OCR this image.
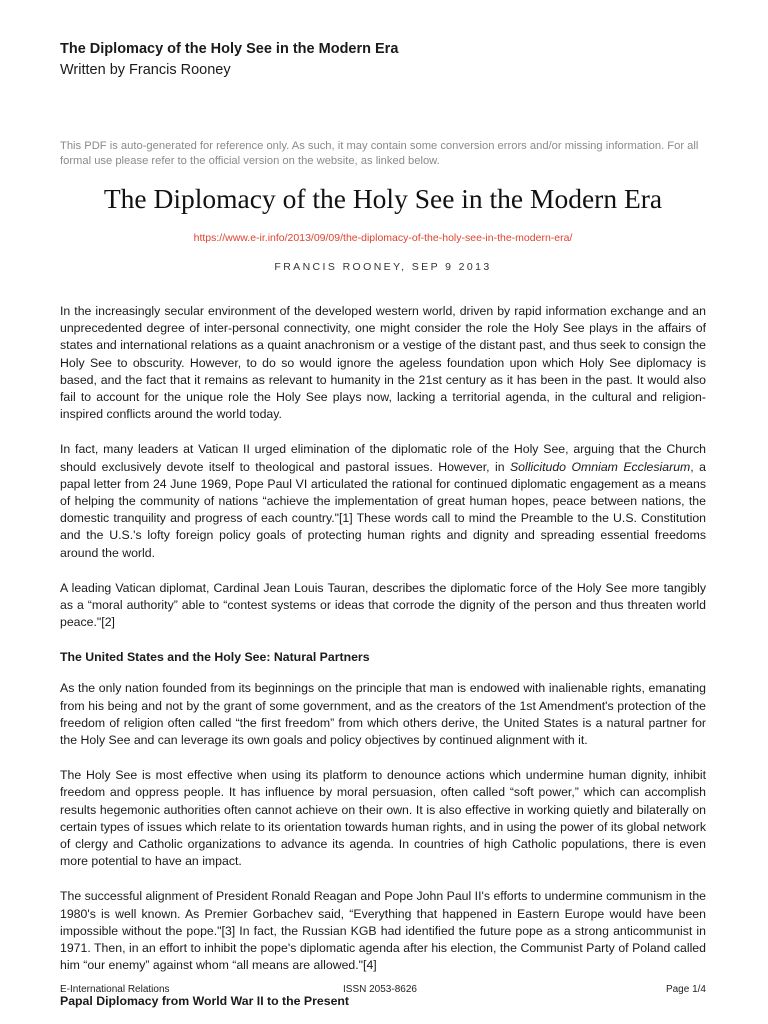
The Diplomacy of the Holy See in the Modern Era
Written by Francis Rooney
This PDF is auto-generated for reference only. As such, it may contain some conversion errors and/or missing information. For all formal use please refer to the official version on the website, as linked below.
The Diplomacy of the Holy See in the Modern Era
https://www.e-ir.info/2013/09/09/the-diplomacy-of-the-holy-see-in-the-modern-era/
FRANCIS ROONEY, SEP 9 2013

In the increasingly secular environment of the developed western world, driven by rapid information exchange and an unprecedented degree of inter-personal connectivity, one might consider the role the Holy See plays in the affairs of states and international relations as a quaint anachronism or a vestige of the distant past, and thus seek to consign the Holy See to obscurity. However, to do so would ignore the ageless foundation upon which Holy See diplomacy is based, and the fact that it remains as relevant to humanity in the 21st century as it has been in the past. It would also fail to account for the unique role the Holy See plays now, lacking a territorial agenda, in the cultural and religion-inspired conflicts around the world today.

In fact, many leaders at Vatican II urged elimination of the diplomatic role of the Holy See, arguing that the Church should exclusively devote itself to theological and pastoral issues. However, in Sollicitudo Omniam Ecclesiarum, a papal letter from 24 June 1969, Pope Paul VI articulated the rational for continued diplomatic engagement as a means of helping the community of nations “achieve the implementation of great human hopes, peace between nations, the domestic tranquility and progress of each country."[1] These words call to mind the Preamble to the U.S. Constitution and the U.S.'s lofty foreign policy goals of protecting human rights and dignity and spreading essential freedoms around the world.

A leading Vatican diplomat, Cardinal Jean Louis Tauran, describes the diplomatic force of the Holy See more tangibly as a “moral authority” able to “contest systems or ideas that corrode the dignity of the person and thus threaten world peace."[2]

The United States and the Holy See: Natural Partners

As the only nation founded from its beginnings on the principle that man is endowed with inalienable rights, emanating from his being and not by the grant of some government, and as the creators of the 1st Amendment's protection of the freedom of religion often called “the first freedom” from which others derive, the United States is a natural partner for the Holy See and can leverage its own goals and policy objectives by continued alignment with it.

The Holy See is most effective when using its platform to denounce actions which undermine human dignity, inhibit freedom and oppress people. It has influence by moral persuasion, often called “soft power,” which can accomplish results hegemonic authorities often cannot achieve on their own. It is also effective in working quietly and bilaterally on certain types of issues which relate to its orientation towards human rights, and in using the power of its global network of clergy and Catholic organizations to advance its agenda. In countries of high Catholic populations, there is even more potential to have an impact.

The successful alignment of President Ronald Reagan and Pope John Paul II's efforts to undermine communism in the 1980's is well known. As Premier Gorbachev said, “Everything that happened in Eastern Europe would have been impossible without the pope."[3] In fact, the Russian KGB had identified the future pope as a strong anticommunist in 1971. Then, in an effort to inhibit the pope's diplomatic agenda after his election, the Communist Party of Poland called him “our enemy” against whom “all means are allowed."[4]

Papal Diplomacy from World War II to the Present
E-International Relations	ISSN 2053-8626	Page 1/4
